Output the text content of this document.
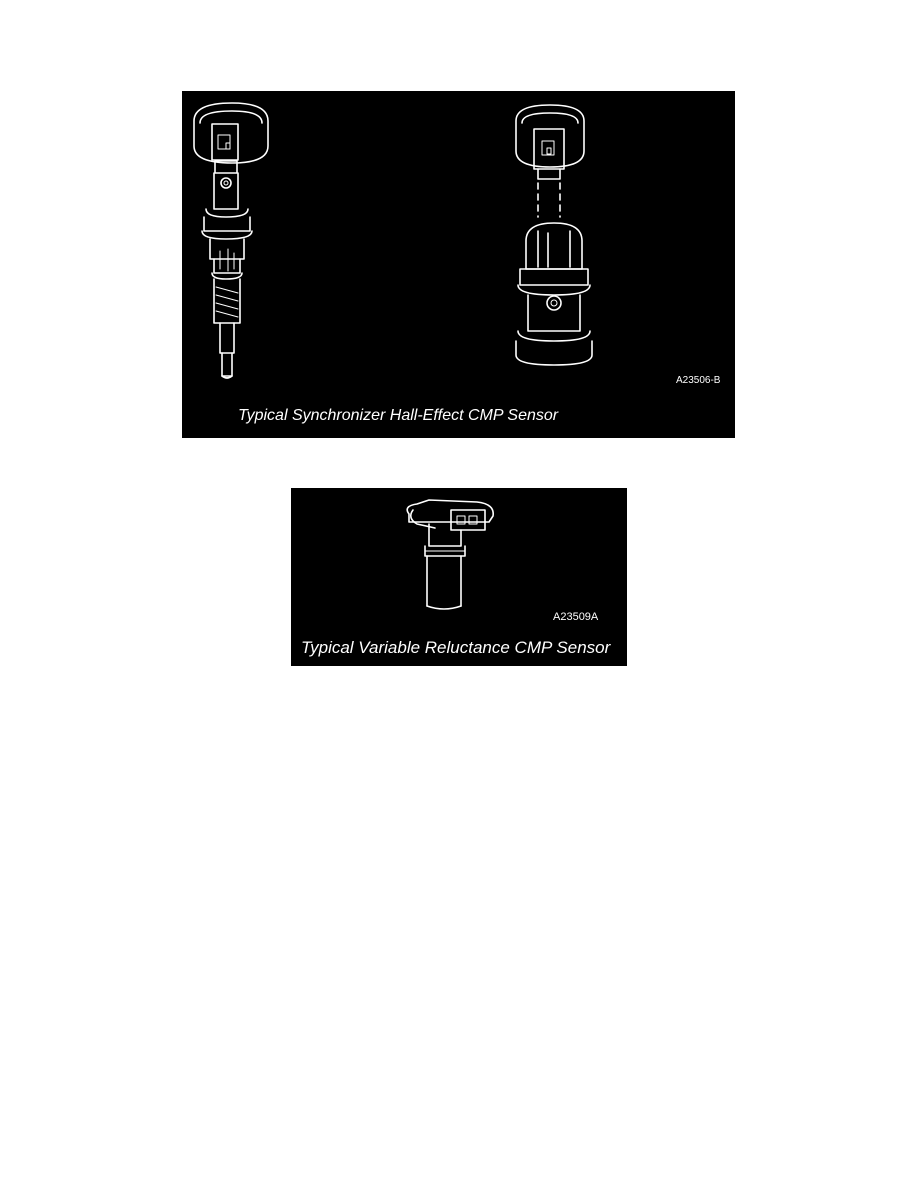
A23506-B
Typical Synchronizer Hall-Effect CMP Sensor
A23509A
Typical Variable Reluctance CMP Sensor
